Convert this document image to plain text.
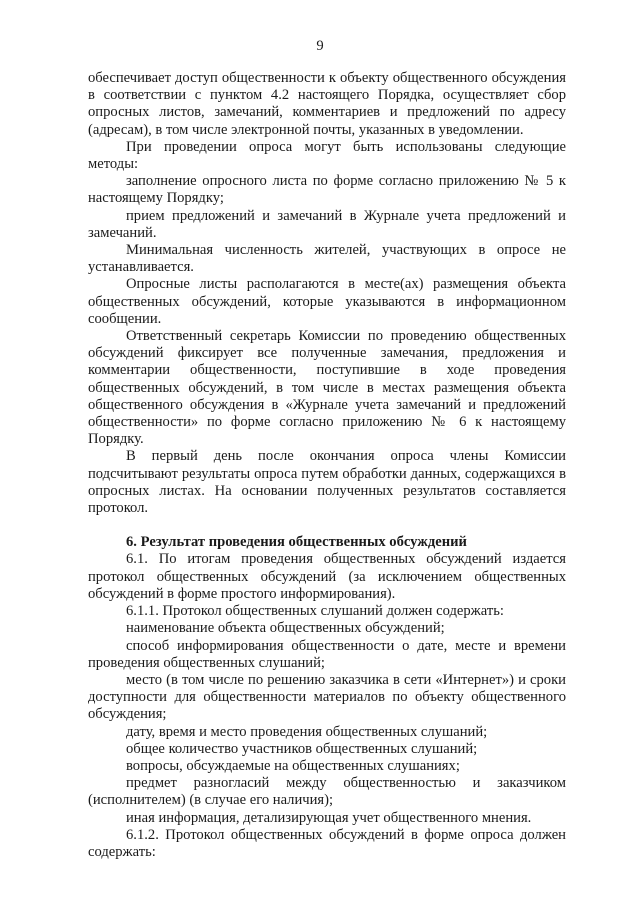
9

обеспечивает доступ общественности к объекту общественного обсуждения в соответствии с пунктом 4.2 настоящего Порядка, осуществляет сбор опросных листов, замечаний, комментариев и предложений по адресу (адресам), в том числе электронной почты, указанных в уведомлении.

При проведении опроса могут быть использованы следующие методы:

заполнение опросного листа по форме согласно приложению № 5 к настоящему Порядку;

прием предложений и замечаний в Журнале учета предложений и замечаний.

Минимальная численность жителей, участвующих в опросе не устанавливается.

Опросные листы располагаются в месте(ах) размещения объекта общественных обсуждений, которые указываются в информационном сообщении.

Ответственный секретарь Комиссии по проведению общественных обсуждений фиксирует все полученные замечания, предложения и комментарии общественности, поступившие в ходе проведения общественных обсуждений, в том числе в местах размещения объекта общественного обсуждения в «Журнале учета замечаний и предложений общественности» по форме согласно приложению № 6 к настоящему Порядку.

В первый день после окончания опроса члены Комиссии подсчитывают результаты опроса путем обработки данных, содержащихся в опросных листах. На основании полученных результатов составляется протокол.

6. Результат проведения общественных обсуждений

6.1. По итогам проведения общественных обсуждений издается протокол общественных обсуждений (за исключением общественных обсуждений в форме простого информирования).

6.1.1. Протокол общественных слушаний должен содержать:

наименование объекта общественных обсуждений;

способ информирования общественности о дате, месте и времени проведения общественных слушаний;

место (в том числе по решению заказчика в сети «Интернет») и сроки доступности для общественности материалов по объекту общественного обсуждения;

дату, время и место проведения общественных слушаний;

общее количество участников общественных слушаний;

вопросы, обсуждаемые на общественных слушаниях;

предмет разногласий между общественностью и заказчиком (исполнителем) (в случае его наличия);

иная информация, детализирующая учет общественного мнения.

6.1.2. Протокол общественных обсуждений в форме опроса должен содержать:
